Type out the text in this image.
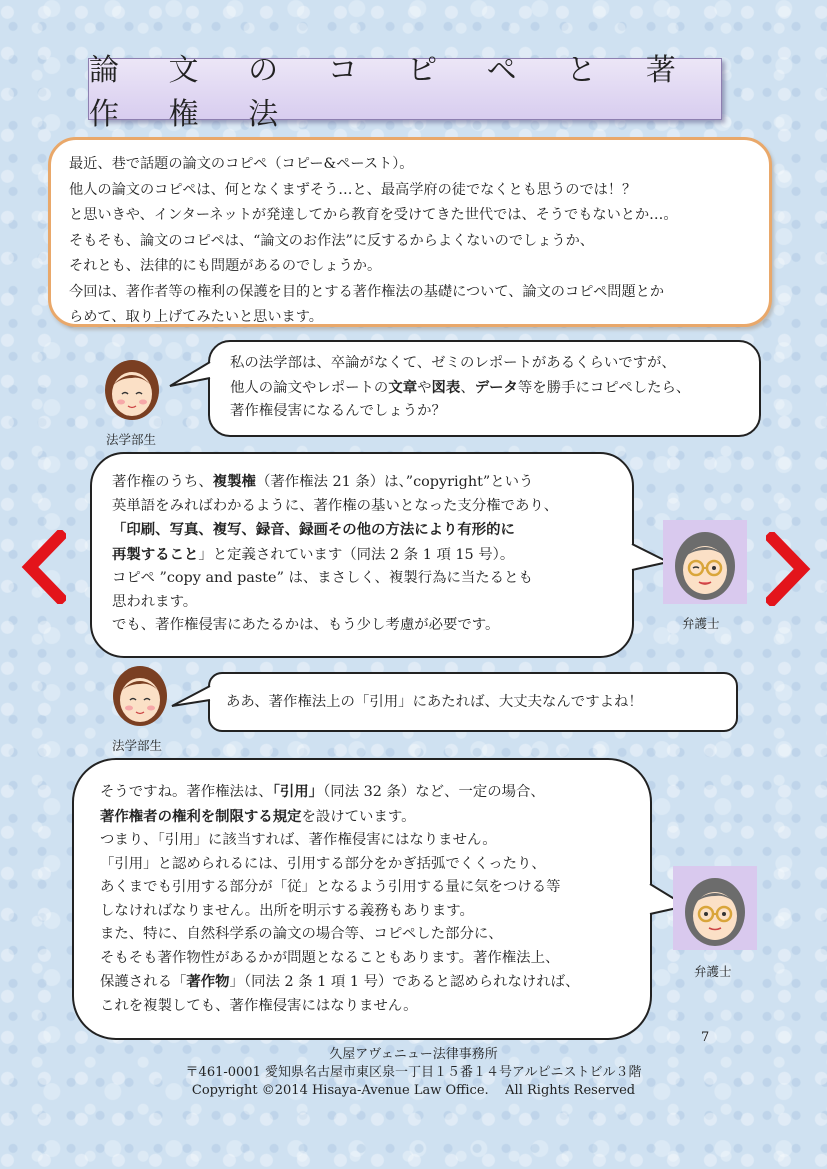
論 文 の コ ピ ペ と 著 作 権 法

最近、巷で話題の論文のコピペ（コピー&ペースト）。

他人の論文のコピペは、何となくまずそう…と、最高学府の徒でなくとも思うのでは！？

と思いきや、インターネットが発達してから教育を受けてきた世代では、そうでもないとか…。

そもそも、論文のコピペは、“論文のお作法”に反するからよくないのでしょうか、

それとも、法律的にも問題があるのでしょうか。

今回は、著作者等の権利の保護を目的とする著作権法の基礎について、論文のコピペ問題とか

らめて、取り上げてみたいと思います。

法学部生

私の法学部は、卒論がなくて、ゼミのレポートがあるくらいですが、

他人の論文やレポートの文章や図表、データ等を勝手にコピペしたら、

著作権侵害になるんでしょうか？

著作権のうち、複製権（著作権法 21 条）は、”copyright”という

英単語をみればわかるように、著作権の基いとなった支分権であり、

「印刷、写真、複写、録音、録画その他の方法により有形的に

再製すること」と定義されています（同法 2 条 1 項 15 号）。

コピペ ”copy and paste” は、まさしく、複製行為に当たるとも

思われます。

でも、著作権侵害にあたるかは、もう少し考慮が必要です。	弁護士
法学部生

ああ、著作権法上の「引用」にあたれば、大丈夫なんですよね！

そうですね。著作権法は、「引用」（同法 32 条）など、一定の場合、

著作権者の権利を制限する規定を設けています。

つまり、「引用」に該当すれば、著作権侵害にはなりません。

「引用」と認められるには、引用する部分をかぎ括弧でくくったり、

あくまでも引用する部分が「従」となるよう引用する量に気をつける等

しなければなりません。出所を明示する義務もあります。

また、特に、自然科学系の論文の場合等、コピペした部分に、

そもそも著作物性があるかが問題となることもあります。著作権法上、

保護される「著作物」（同法 2 条 1 項 1 号）であると認められなければ、

これを複製しても、著作権侵害にはなりません。

弁護士
7
久屋アヴェニュー法律事務所
〒461-0001 愛知県名古屋市東区泉一丁目１５番１４号アルピニストビル３階
Copyright ©2014 Hisaya-Avenue Law Office.    All Rights Reserved
